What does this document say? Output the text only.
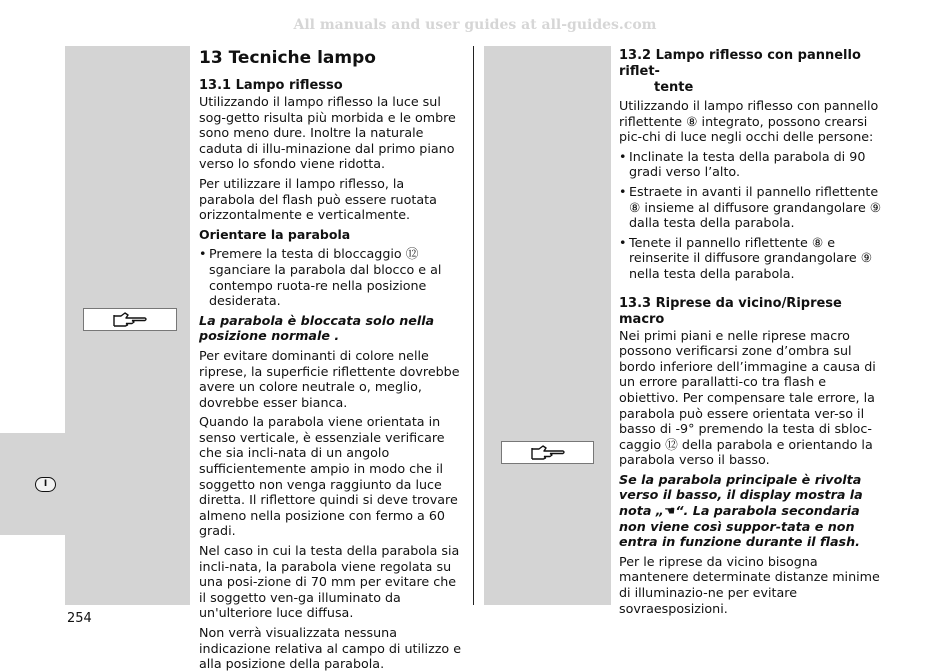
All manuals and user guides at all-guides.com
I
13 Tecniche lampo
13.1 Lampo riflesso

Utilizzando il lampo riflesso la luce sul sog-getto risulta più morbida e le ombre sono meno dure. Inoltre la naturale caduta di illu-minazione dal primo piano verso lo sfondo viene ridotta.

Per utilizzare il lampo riflesso, la parabola del flash può essere ruotata orizzontalmente e verticalmente.

Orientare la parabola

• Premere la testa di bloccaggio ⑫ sganciare la parabola dal blocco e al contempo ruota-re nella posizione desiderata.

La parabola è bloccata solo nella posizione normale .

Per evitare dominanti di colore nelle riprese, la superficie riflettente dovrebbe avere un colore neutrale o, meglio, dovrebbe esser bianca.

Quando la parabola viene orientata in senso verticale, è essenziale verificare che sia incli-nata di un angolo sufficientemente ampio in modo che il soggetto non venga raggiunto da luce diretta. Il riflettore quindi si deve trovare almeno nella posizione con fermo a 60 gradi.

Nel caso in cui la testa della parabola sia incli-nata, la parabola viene regolata su una posi-zione di 70 mm per evitare che il soggetto ven-ga illuminato da un'ulteriore luce diffusa.

Non verrà visualizzata nessuna indicazione relativa al campo di utilizzo e alla posizione della parabola.

13.2 Lampo riflesso con pannello riflet-
tente

Utilizzando il lampo riflesso con pannello riflettente ⑧ integrato, possono crearsi pic-chi di luce negli occhi delle persone:

• Inclinate la testa della parabola di 90 gradi verso l’alto.

• Estraete in avanti il pannello riflettente ⑧ insieme al diffusore grandangolare ⑨ dalla testa della parabola.

• Tenete il pannello riflettente ⑧ e reinserite il diffusore grandangolare ⑨ nella testa della parabola.

13.3 Riprese da vicino/Riprese macro

Nei primi piani e nelle riprese macro possono verificarsi zone d’ombra sul bordo inferiore dell’immagine a causa di un errore parallatti-co tra flash e obiettivo. Per compensare tale errore, la parabola può essere orientata ver-so il basso di -9° premendo la testa di sbloc-caggio ⑫ della parabola e orientando la parabola verso il basso.

Se la parabola principale è rivolta verso il basso, il display mostra la nota „☚“. La parabola secondaria non viene così suppor-tata e non entra in funzione durante il flash.

Per le riprese da vicino bisogna mantenere determinate distanze minime di illuminazio-ne per evitare sovraesposizioni.

254
